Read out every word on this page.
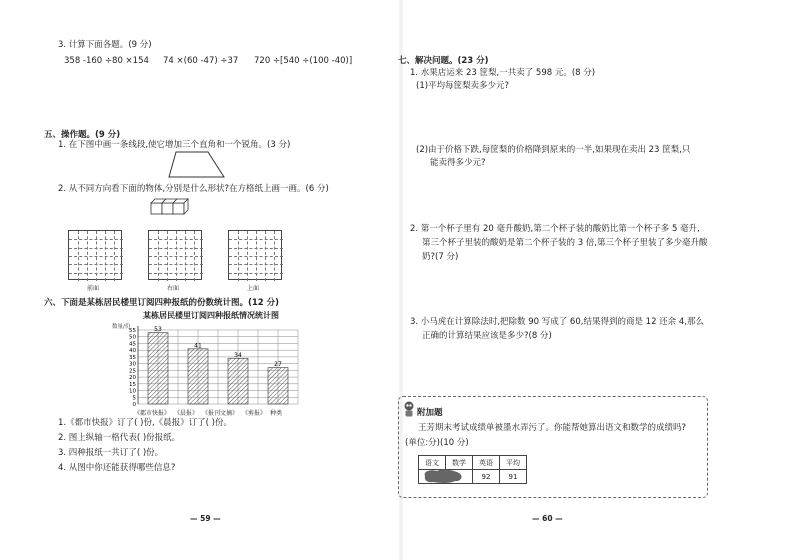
3. 计算下面各题。(9 分)
358 -160 ÷80 ×154 74 ×(60 -47) ÷37 720 ÷[540 ÷(100 -40)]
五、操作题。(9 分)
1. 在下图中画一条线段,使它增加三个直角和一个锐角。(3 分)
2. 从不同方向看下面的物体,分别是什么形状?在方格纸上画一画。(6 分)
前面	右面	上面
六、下面是某栋居民楼里订阅四种报纸的份数统计图。(12 分)
某栋居民楼里订阅四种报纸情况统计图
数量/份
0
5
10
15
20
25
30
35
40
45
50
55	53
41
34
27
《都市快报》 《晨报》 《报刊文摘》 《剪报》 种类
1.《都市快报》订了( )份,《晨报》订了( )份。
2. 图上纵轴一格代表( )份报纸。
3. 四种报纸一共订了( )份。
4. 从图中你还能获得哪些信息?
— 59 —
七、解决问题。(23 分)
1. 水果店运来 23 筐梨,一共卖了 598 元。(8 分)
(1)平均每筐梨卖多少元?
(2)由于价格下跌,每筐梨的价格降到原来的一半,如果现在卖出 23 筐梨,只
能卖得多少元?
2. 第一个杯子里有 20 毫升酸奶,第二个杯子装的酸奶比第一个杯子多 5 毫升,
第三个杯子里装的酸奶是第二个杯子装的 3 倍,第三个杯子里装了多少毫升酸
奶?(7 分)
3. 小马虎在计算除法时,把除数 90 写成了 60,结果得到的商是 12 还余 4,那么
正确的计算结果应该是多少?(8 分)
附加题
王芳期末考试成绩单被墨水弄污了。你能帮她算出语文和数学的成绩吗?
(单位:分)(10 分)
语文	数学	英语	平均
		92	91
— 60 —
